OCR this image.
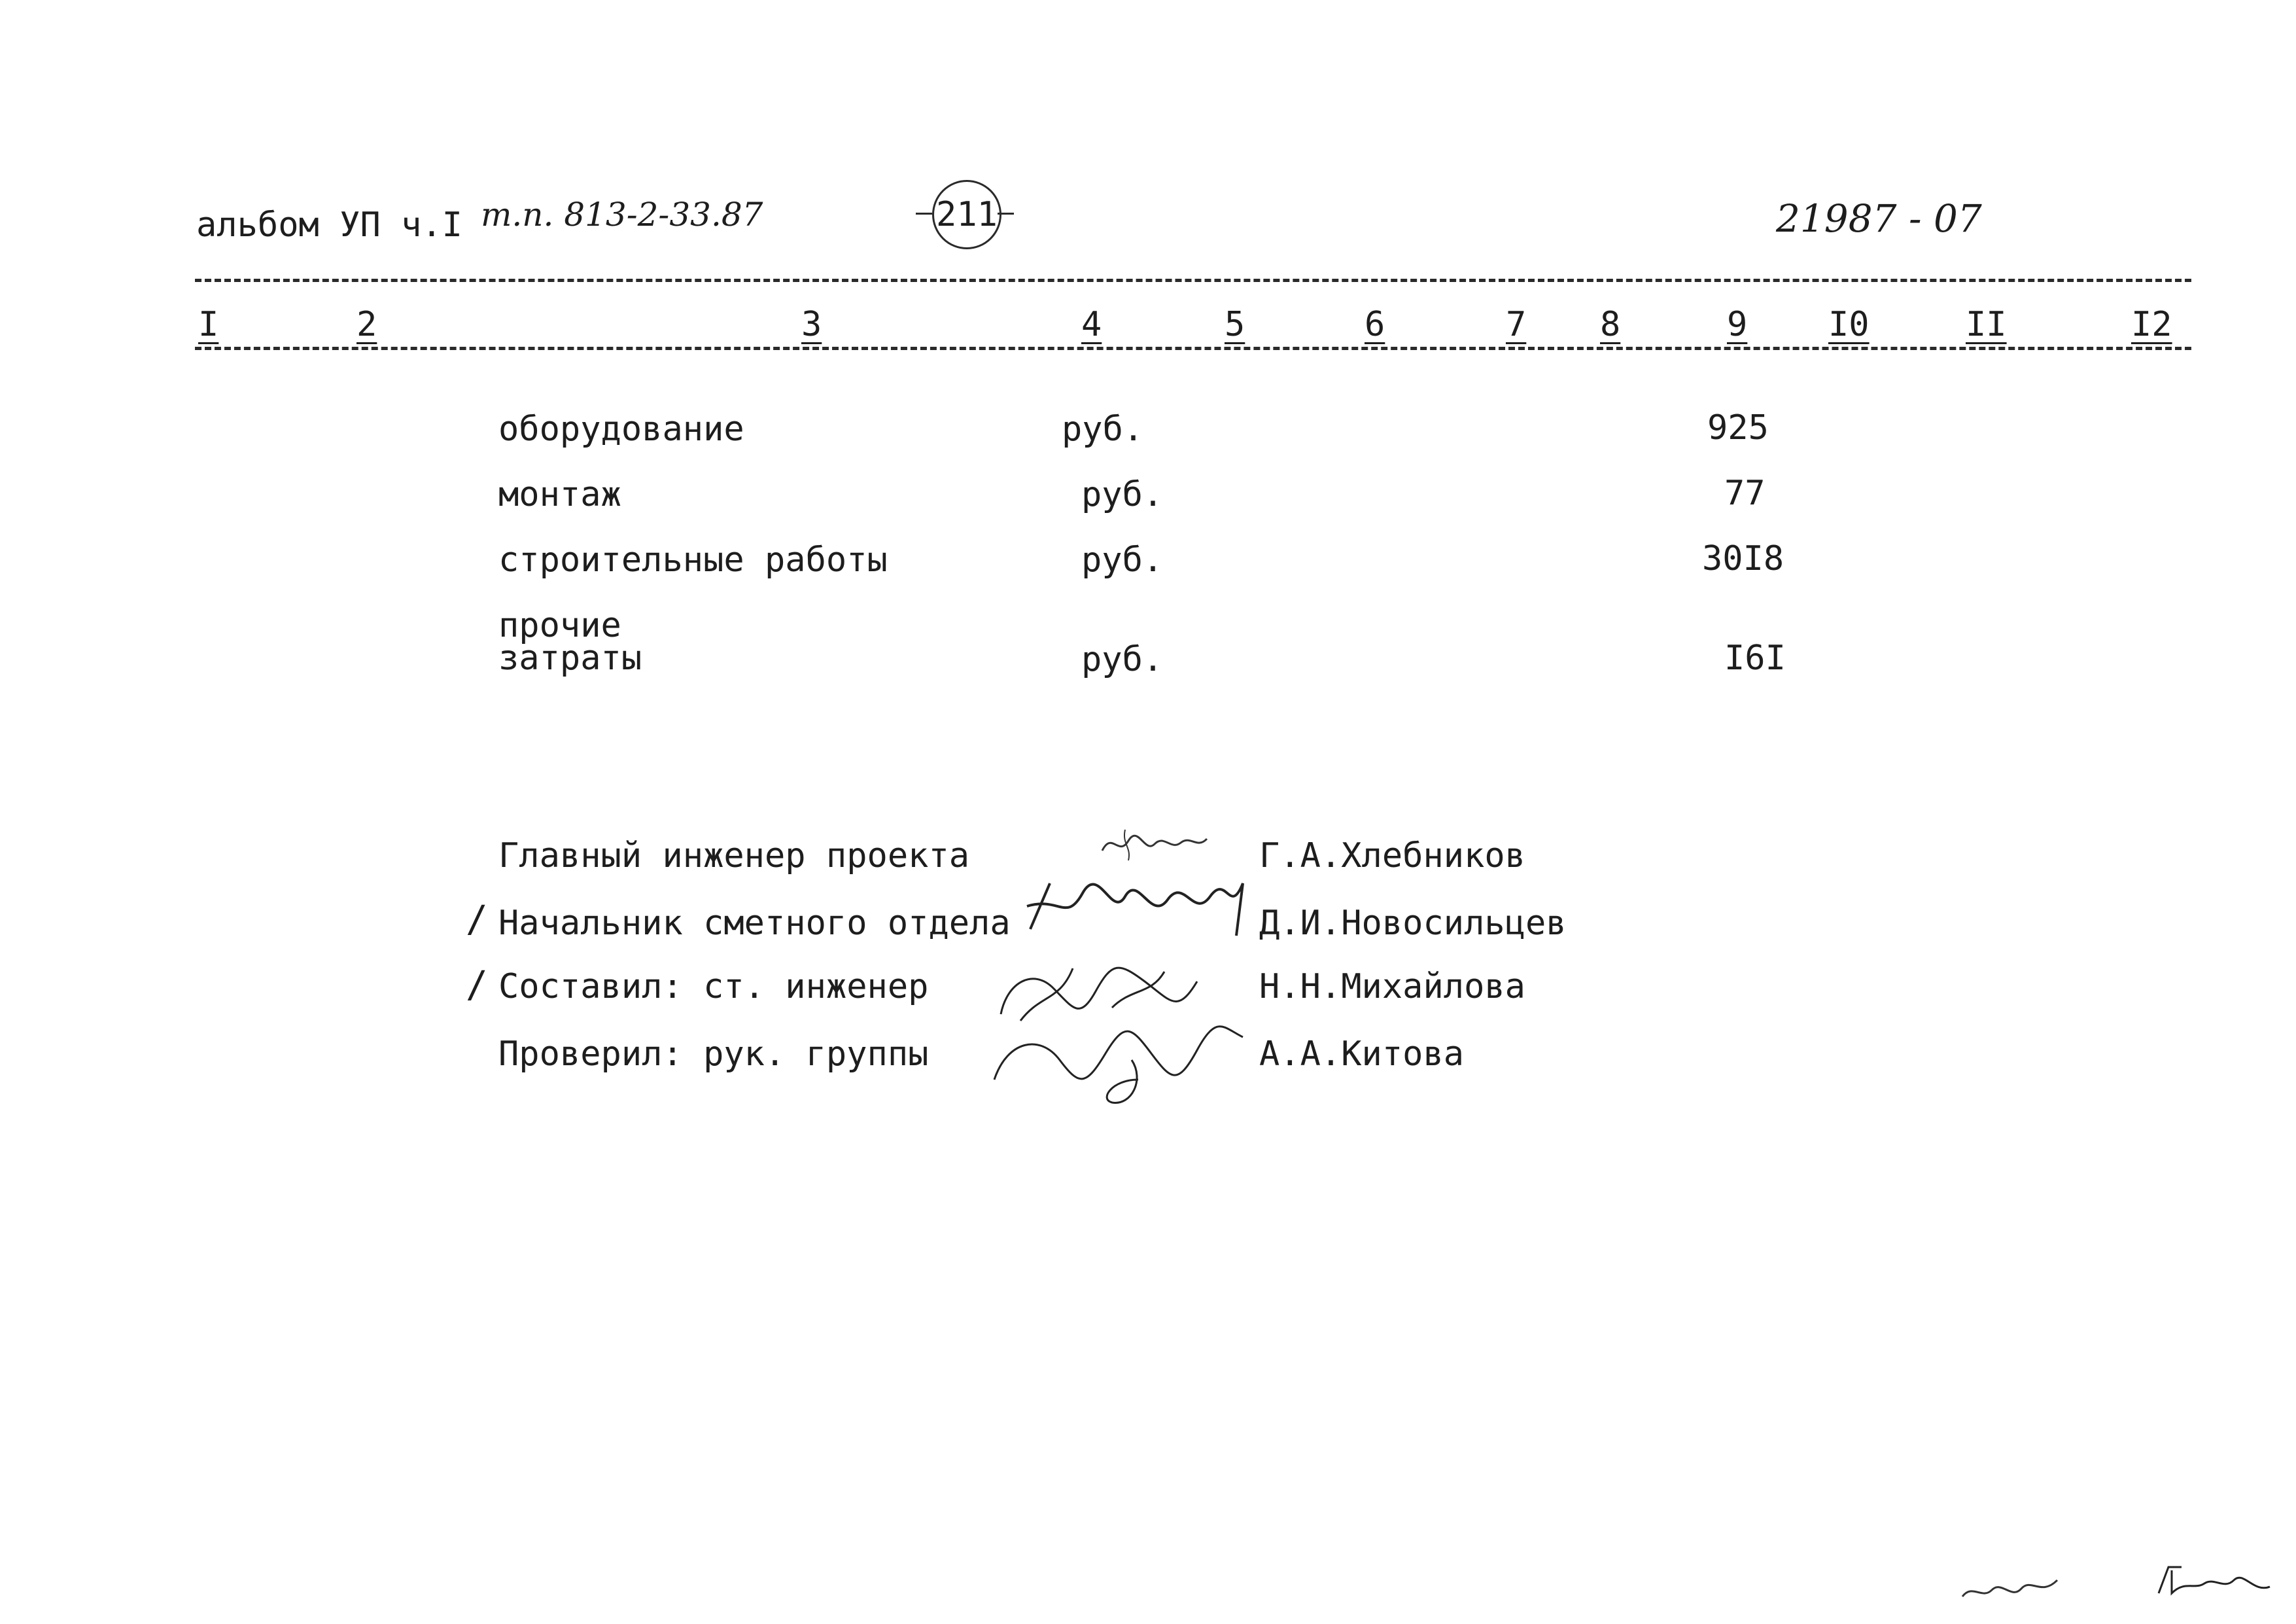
альбом УП ч.I т.п. 813-2-33.87	211	21987 - 07
I	2	3	4	5	6	7 8	9 I0	II	I2
оборудование	руб.	925
монтаж	руб.	77
строительные работы	руб.	30I8
прочие
затраты	руб.	I6I
Главный инженер проекта	Г.А.Хлебников
/ Начальник сметного отдела	Д.И.Новосильцев
/ Составил: ст. инженер	Н.Н.Михайлова
Проверил: рук. группы	А.А.Китова
